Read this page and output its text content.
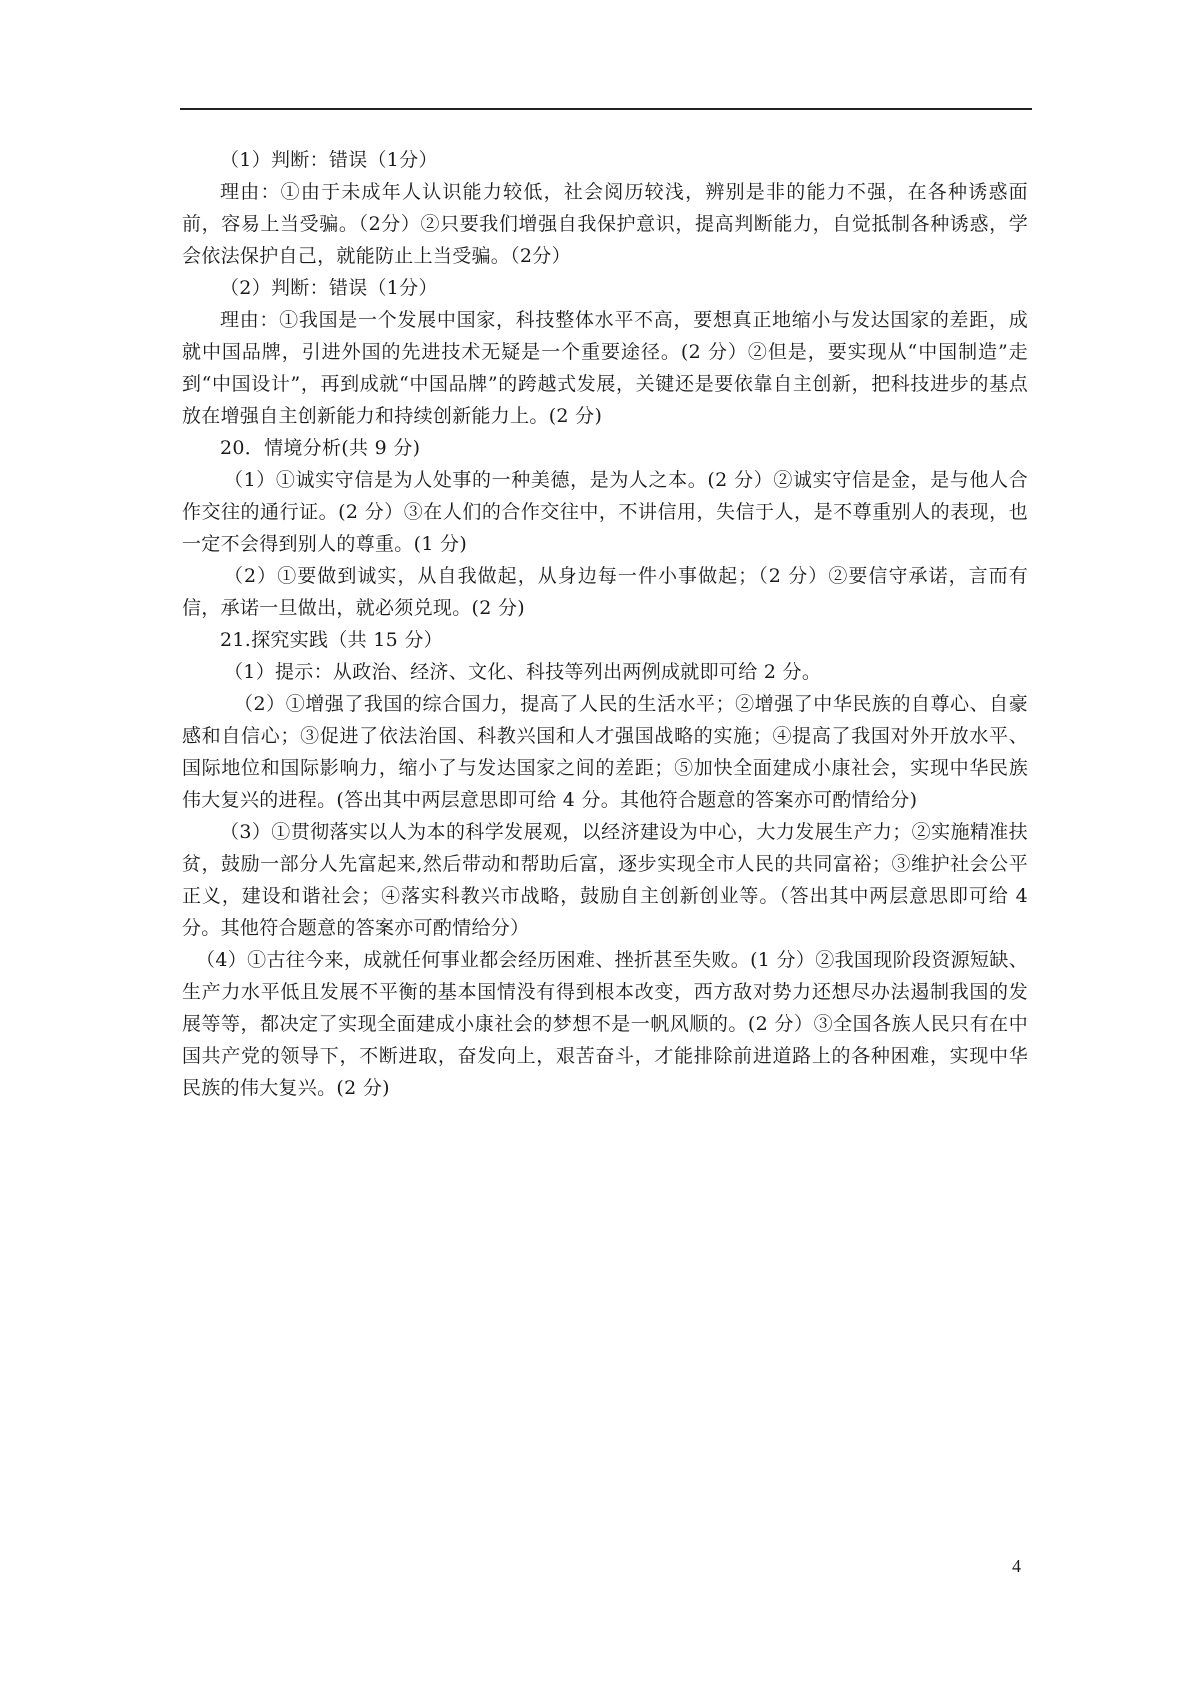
（1）判断：错误（1分）

理由：①由于未成年人认识能力较低，社会阅历较浅，辨别是非的能力不强，在各种诱惑面前，容易上当受骗。（2分）②只要我们增强自我保护意识，提高判断能力，自觉抵制各种诱惑，学会依法保护自己，就能防止上当受骗。（2分）

（2）判断：错误（1分）

理由：①我国是一个发展中国家，科技整体水平不高，要想真正地缩小与发达国家的差距，成就中国品牌，引进外国的先进技术无疑是一个重要途径。(2 分）②但是，要实现从“中国制造”走到“中国设计”，再到成就“中国品牌”的跨越式发展，关键还是要依靠自主创新，把科技进步的基点放在增强自主创新能力和持续创新能力上。(2 分)

20．情境分析(共 9 分)

（1）①诚实守信是为人处事的一种美德，是为人之本。(2 分）②诚实守信是金，是与他人合作交往的通行证。(2 分）③在人们的合作交往中，不讲信用，失信于人，是不尊重别人的表现，也一定不会得到别人的尊重。(1 分)

（2）①要做到诚实，从自我做起，从身边每一件小事做起；（2 分）②要信守承诺，言而有信，承诺一旦做出，就必须兑现。(2 分)

21.探究实践（共 15 分）

（1）提示：从政治、经济、文化、科技等列出两例成就即可给 2 分。

（2）①增强了我国的综合国力，提高了人民的生活水平；②增强了中华民族的自尊心、自豪感和自信心；③促进了依法治国、科教兴国和人才强国战略的实施；④提高了我国对外开放水平、国际地位和国际影响力，缩小了与发达国家之间的差距；⑤加快全面建成小康社会，实现中华民族伟大复兴的进程。(答出其中两层意思即可给 4 分。其他符合题意的答案亦可酌情给分)

（3）①贯彻落实以人为本的科学发展观，以经济建设为中心，大力发展生产力；②实施精准扶贫，鼓励一部分人先富起来,然后带动和帮助后富，逐步实现全市人民的共同富裕；③维护社会公平正义，建设和谐社会；④落实科教兴市战略，鼓励自主创新创业等。（答出其中两层意思即可给 4 分。其他符合题意的答案亦可酌情给分）

（4）①古往今来，成就任何事业都会经历困难、挫折甚至失败。(1 分）②我国现阶段资源短缺、生产力水平低且发展不平衡的基本国情没有得到根本改变，西方敌对势力还想尽办法遏制我国的发展等等，都决定了实现全面建成小康社会的梦想不是一帆风顺的。(2 分）③全国各族人民只有在中国共产党的领导下，不断进取，奋发向上，艰苦奋斗，才能排除前进道路上的各种困难，实现中华民族的伟大复兴。(2 分)

4
